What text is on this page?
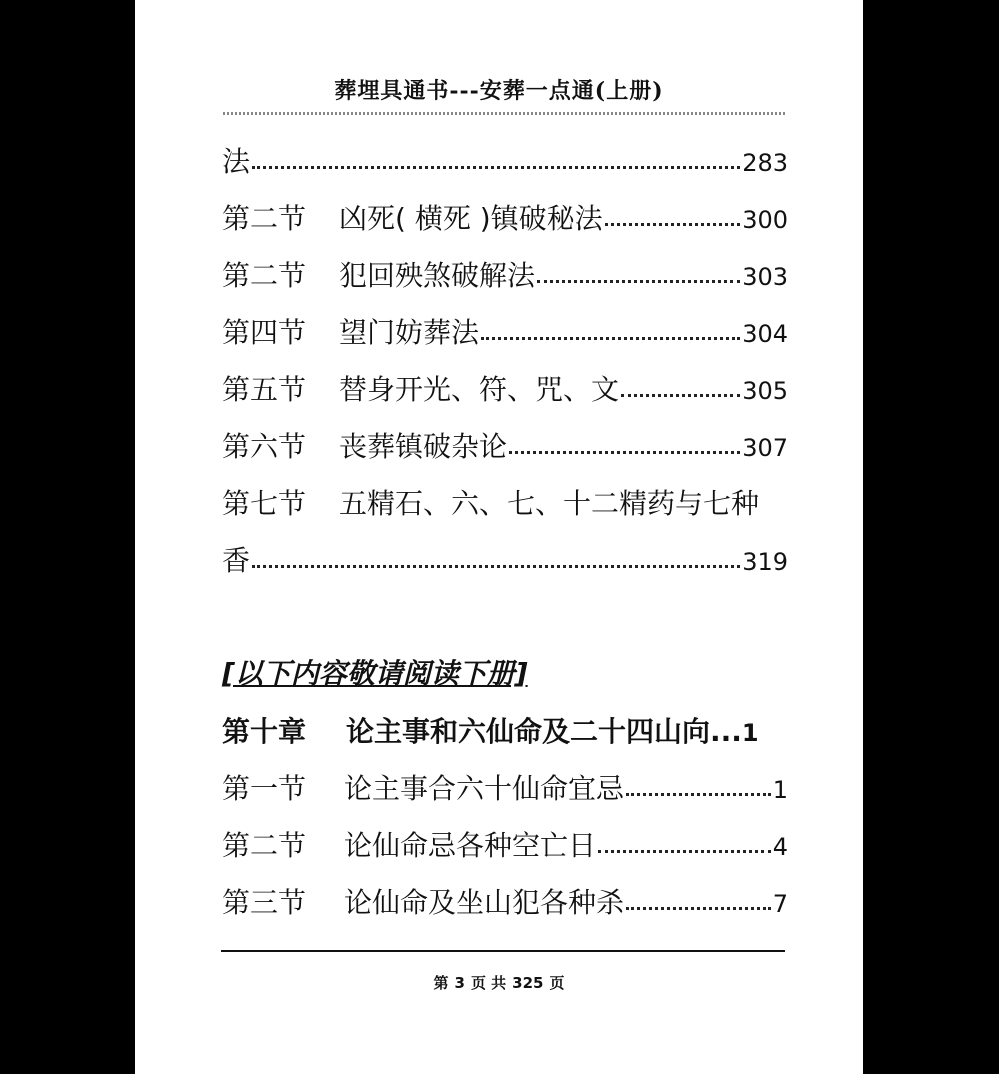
葬埋具通书---安葬一点通(上册)
法	283
第二节	凶死( 横死 )镇破秘法	300
第二节	犯回殃煞破解法	303
第四节	望门妨葬法	304
第五节	替身开光、符、咒、文	305
第六节	丧葬镇破杂论	307
第七节	五精石、六、七、十二精药与七种
香	319
[以下内容敬请阅读下册]
第十章	论主事和六仙命及二十四山向... 1
第一节	论主事合六十仙命宜忌	1
第二节	论仙命忌各种空亡日	4
第三节	论仙命及坐山犯各种杀	7
第 3 页 共 325 页
